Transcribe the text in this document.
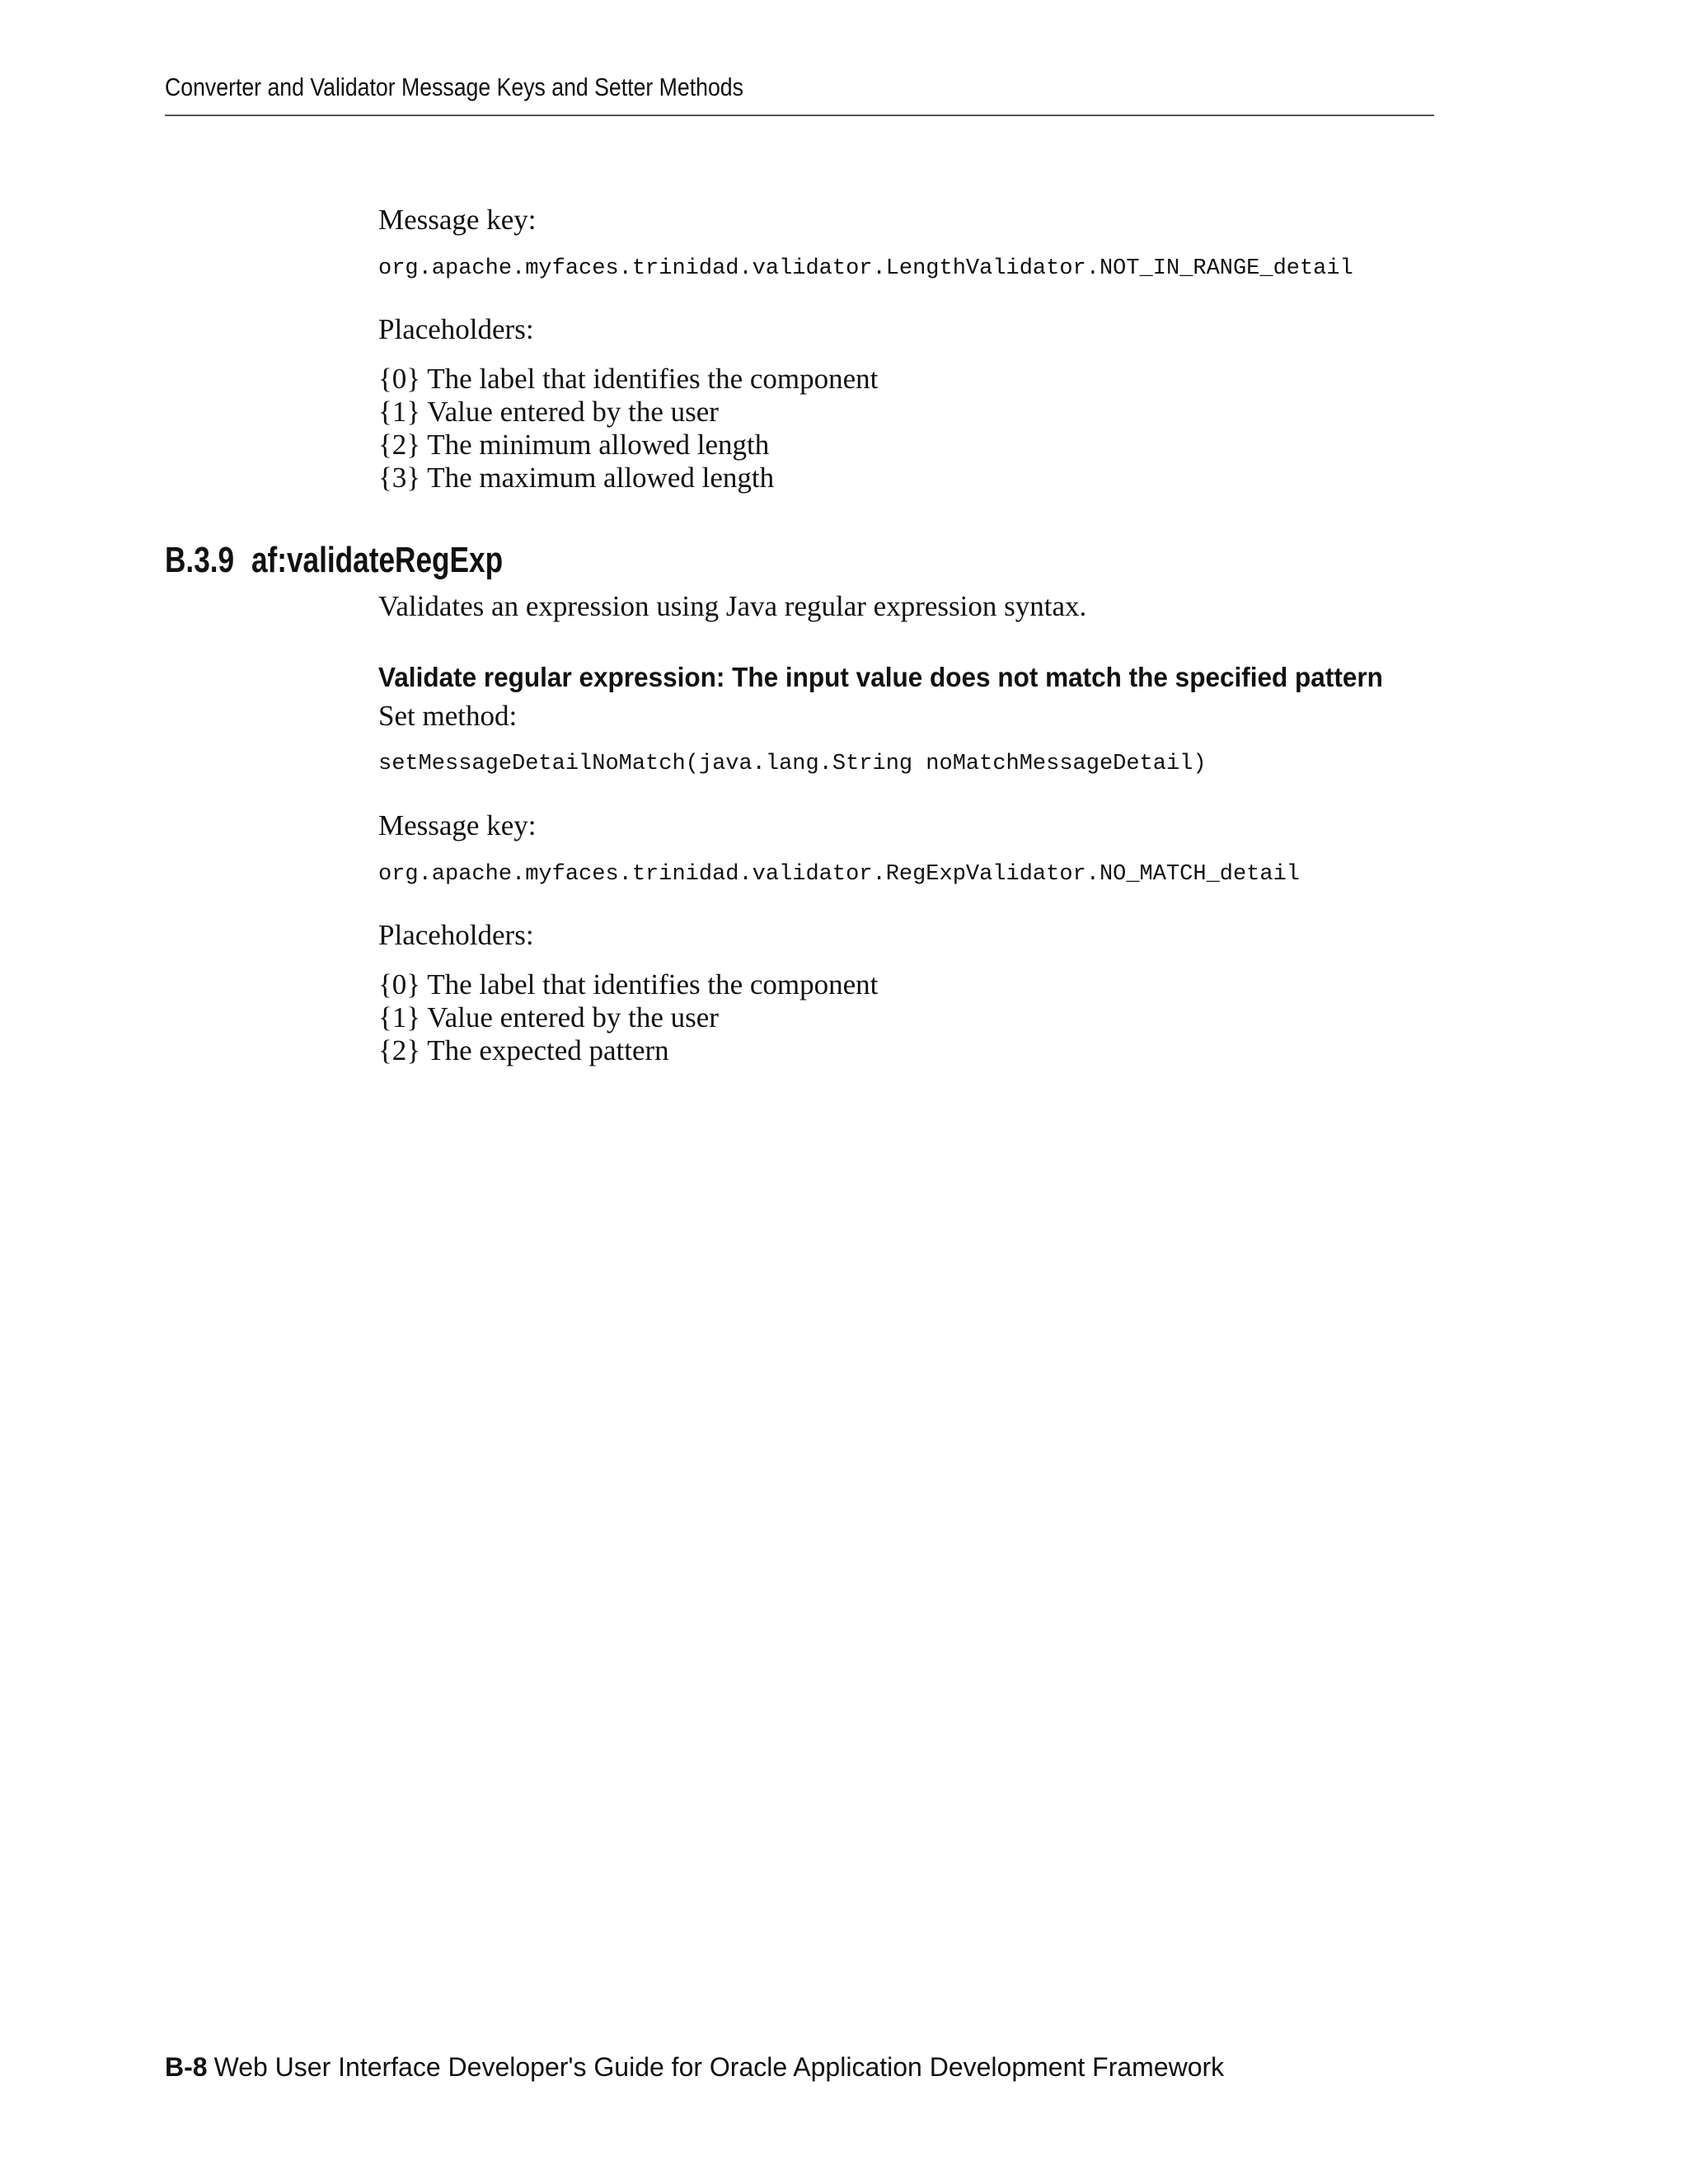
Converter and Validator Message Keys and Setter Methods

Message key:

org.apache.myfaces.trinidad.validator.LengthValidator.NOT_IN_RANGE_detail

Placeholders:

{0} The label that identifies the component

{1} Value entered by the user

{2} The minimum allowed length

{3} The maximum allowed length

B.3.9 af:validateRegExp

Validates an expression using Java regular expression syntax.

Validate regular expression: The input value does not match the specified pattern

Set method:

setMessageDetailNoMatch(java.lang.String noMatchMessageDetail)

Message key:

org.apache.myfaces.trinidad.validator.RegExpValidator.NO_MATCH_detail

Placeholders:

{0} The label that identifies the component

{1} Value entered by the user

{2} The expected pattern

B-8 Web User Interface Developer's Guide for Oracle Application Development Framework
